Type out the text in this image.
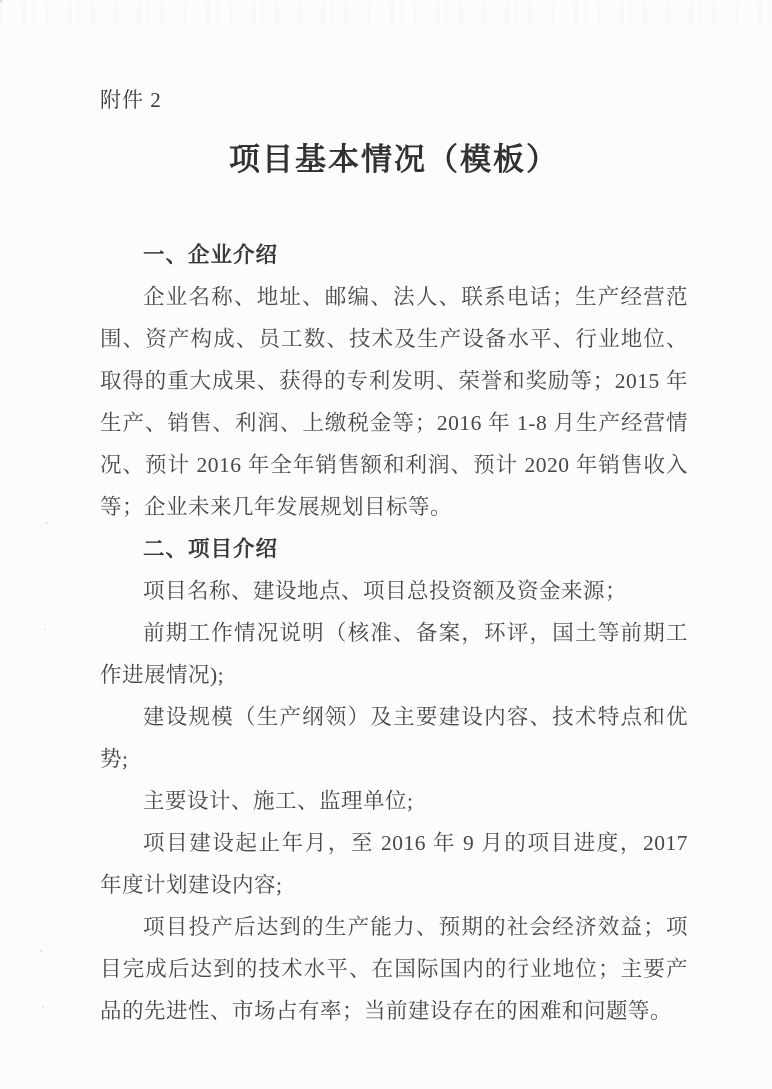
附件 2
项目基本情况（模板）
一、企业介绍

企业名称、地址、邮编、法人、联系电话；生产经营范围、资产构成、员工数、技术及生产设备水平、行业地位、取得的重大成果、获得的专利发明、荣誉和奖励等；2015 年生产、销售、利润、上缴税金等；2016 年 1-8 月生产经营情况、预计 2016 年全年销售额和利润、预计 2020 年销售收入等；企业未来几年发展规划目标等。

二、项目介绍

项目名称、建设地点、项目总投资额及资金来源；

前期工作情况说明（核准、备案，环评，国土等前期工作进展情况);

建设规模（生产纲领）及主要建设内容、技术特点和优势;

主要设计、施工、监理单位;

项目建设起止年月，至 2016 年 9 月的项目进度，2017 年度计划建设内容;

项目投产后达到的生产能力、预期的社会经济效益；项目完成后达到的技术水平、在国际国内的行业地位；主要产品的先进性、市场占有率；当前建设存在的困难和问题等。
